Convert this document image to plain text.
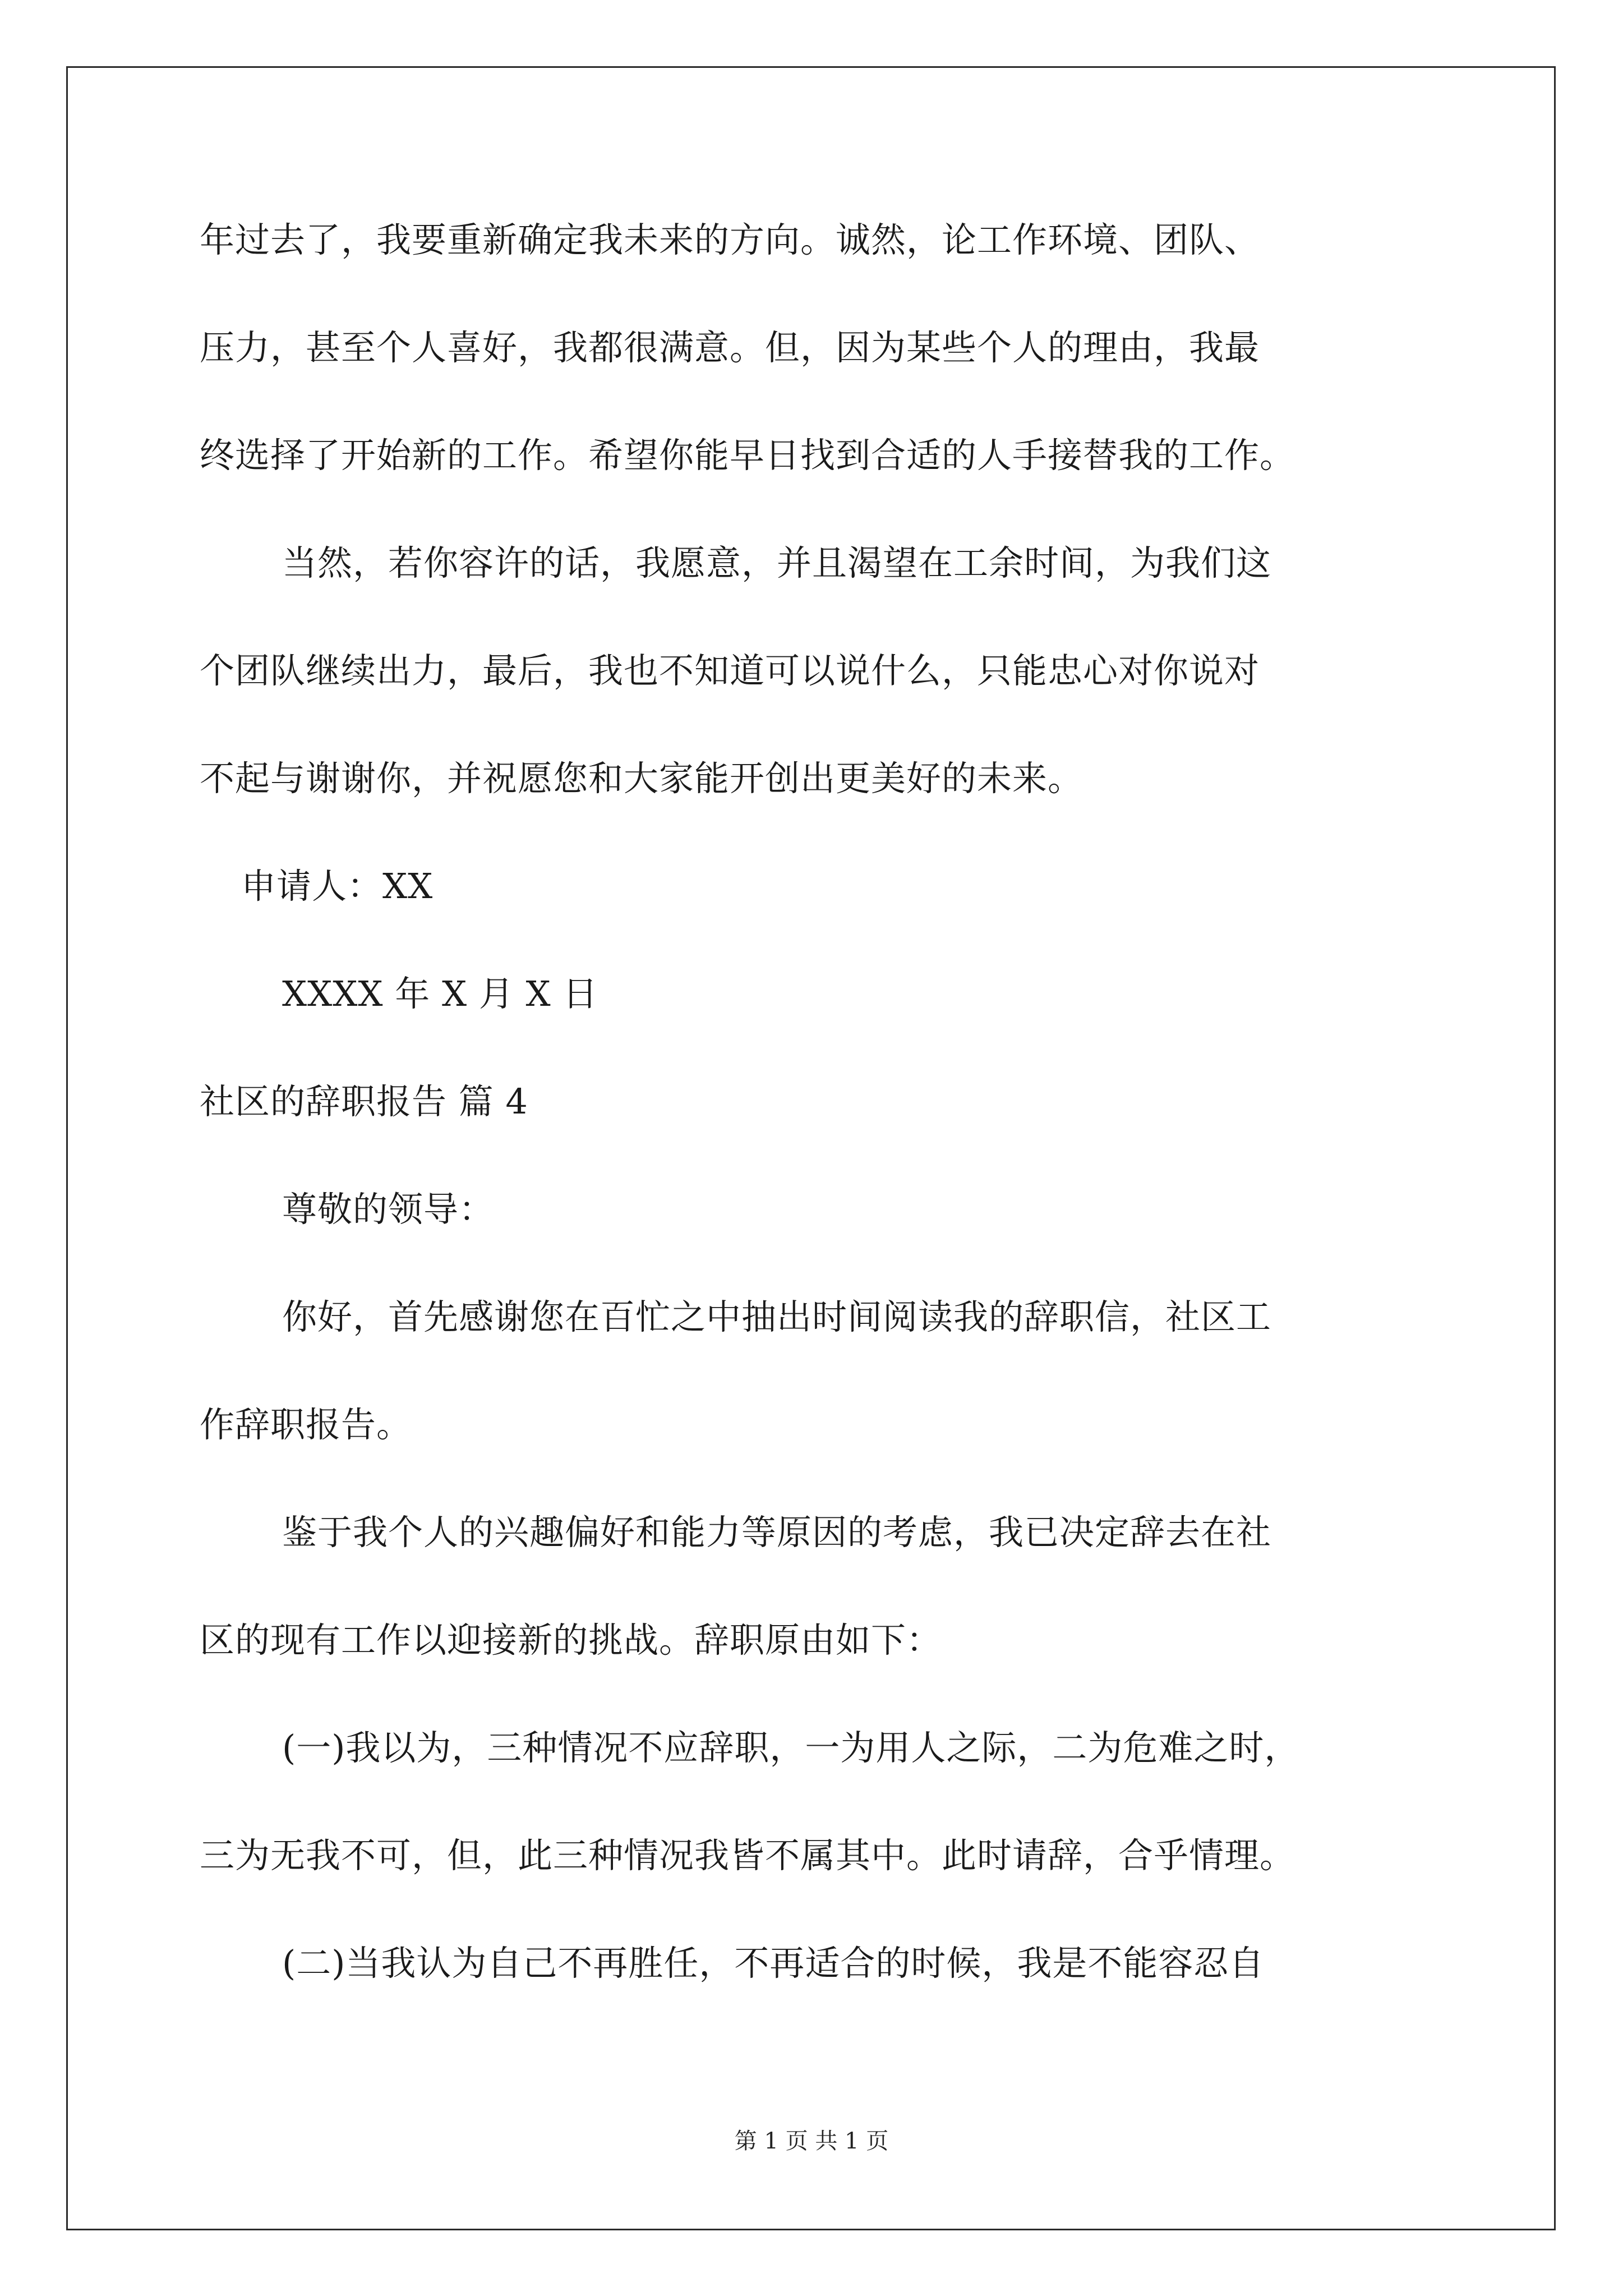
年过去了，我要重新确定我未来的方向。诚然，论工作环境、团队、
压力，甚至个人喜好，我都很满意。但，因为某些个人的理由，我最
终选择了开始新的工作。希望你能早日找到合适的人手接替我的工作。
当然，若你容许的话，我愿意，并且渴望在工余时间，为我们这
个团队继续出力，最后，我也不知道可以说什么，只能忠心对你说对
不起与谢谢你，并祝愿您和大家能开创出更美好的未来。
申请人：XX
XXXX 年 X 月 X 日
社区的辞职报告 篇 4
尊敬的领导：
你好，首先感谢您在百忙之中抽出时间阅读我的辞职信，社区工
作辞职报告。
鉴于我个人的兴趣偏好和能力等原因的考虑，我已决定辞去在社
区的现有工作以迎接新的挑战。辞职原由如下：
(一)我以为，三种情况不应辞职，一为用人之际，二为危难之时，
三为无我不可，但，此三种情况我皆不属其中。此时请辞，合乎情理。
(二)当我认为自己不再胜任，不再适合的时候，我是不能容忍自
第 1 页 共 1 页
